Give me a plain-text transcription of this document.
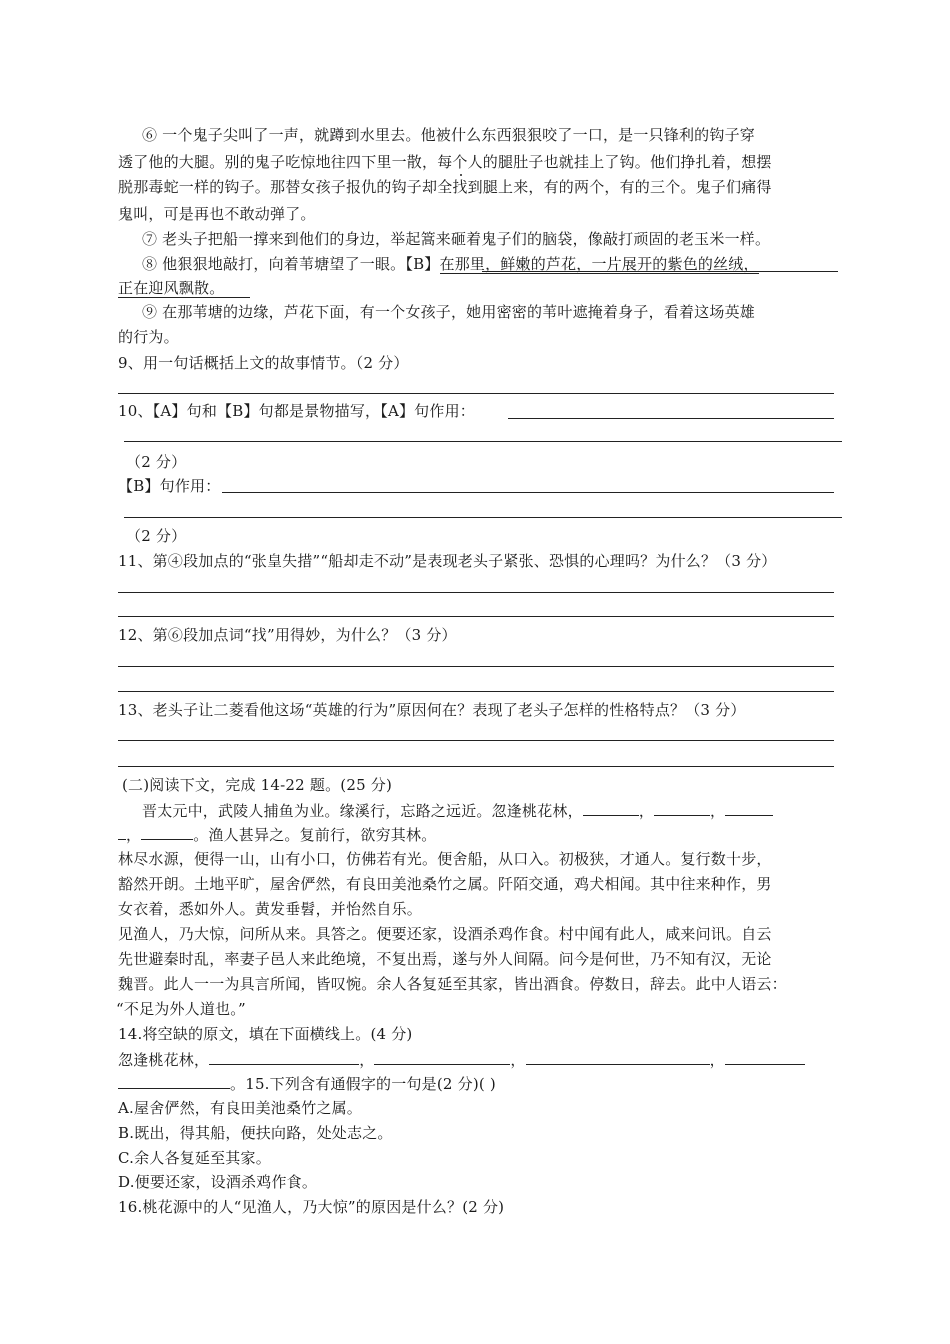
⑥ 一个鬼子尖叫了一声，就蹲到水里去。他被什么东西狠狠咬了一口，是一只锋利的钩子穿
透了他的大腿。别的鬼子吃惊地往四下里一散，每个人的腿肚子也就挂上了钩。他们挣扎着，想摆
脱那毒蛇一样的钩子。那替女孩子报仇的钩子却全找到腿上来，有的两个，有的三个。鬼子们痛得
鬼叫，可是再也不敢动弹了。
⑦ 老头子把船一撑来到他们的身边，举起篙来砸着鬼子们的脑袋，像敲打顽固的老玉米一样。
⑧ 他狠狠地敲打，向着苇塘望了一眼。【B】在那里，鲜嫩的芦花，一片展开的紫色的丝绒，
正在迎风飘散。
⑨ 在那苇塘的边缘，芦花下面，有一个女孩子，她用密密的苇叶遮掩着身子，看着这场英雄
的行为。
9、用一句话概括上文的故事情节。（2 分）
10、【A】句和【B】句都是景物描写，【A】句作用：
（2 分）
【B】句作用：
（2 分）
11、第④段加点的“张皇失措”“船却走不动”是表现老头子紧张、恐惧的心理吗？为什么？（3 分）
12、第⑥段加点词“找”用得妙，为什么？（3 分）
13、老头子让二菱看他这场“英雄的行为”原因何在？表现了老头子怎样的性格特点？（3 分）
(二)阅读下文，完成 14-22 题。(25 分)
晋太元中，武陵人捕鱼为业。缘溪行，忘路之远近。忽逢桃花林，	，	，
，	。渔人甚异之。复前行，欲穷其林。
林尽水源，便得一山，山有小口，仿佛若有光。便舍船，从口入。初极狭，才通人。复行数十步，
豁然开朗。土地平旷，屋舍俨然，有良田美池桑竹之属。阡陌交通，鸡犬相闻。其中往来种作，男
女衣着，悉如外人。黄发垂髫，并怡然自乐。
见渔人，乃大惊，问所从来。具答之。便要还家，设酒杀鸡作食。村中闻有此人，咸来问讯。自云
先世避秦时乱，率妻子邑人来此绝境，不复出焉，遂与外人间隔。问今是何世，乃不知有汉，无论
魏晋。此人一一为具言所闻，皆叹惋。余人各复延至其家，皆出酒食。停数日，辞去。此中人语云：
“不足为外人道也。”
14.将空缺的原文，填在下面横线上。(4 分)
忽逢桃花林，	，	，	，
。15.下列含有通假字的一句是(2 分)( )
A.屋舍俨然，有良田美池桑竹之属。
B.既出，得其船，便扶向路，处处志之。
C.余人各复延至其家。
D.便要还家，设酒杀鸡作食。
16.桃花源中的人“见渔人，乃大惊”的原因是什么？(2 分)
